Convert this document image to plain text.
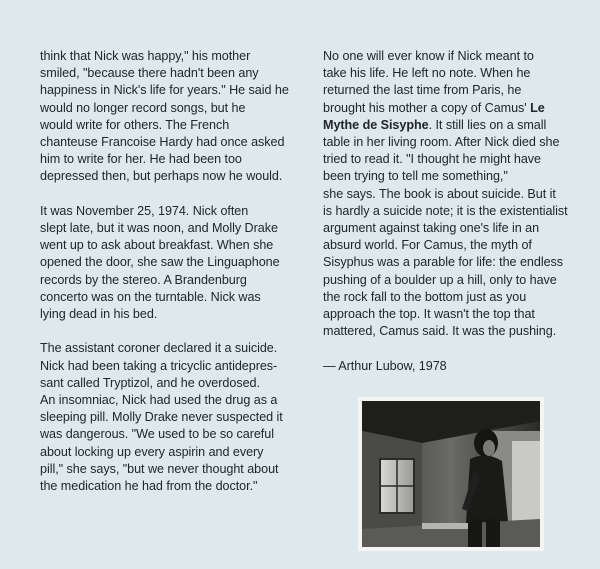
think that Nick was happy," his mother
smiled, "because there hadn't been any
happiness in Nick's life for years." He said he
would no longer record songs, but he
would write for others. The French
chanteuse Francoise Hardy had once asked
him to write for her. He had been too
depressed then, but perhaps now he would.

It was November 25, 1974. Nick often
slept late, but it was noon, and Molly Drake
went up to ask about breakfast. When she
opened the door, she saw the Linguaphone
records by the stereo. A Brandenburg
concerto was on the turntable. Nick was
lying dead in his bed.

The assistant coroner declared it a suicide.
Nick had been taking a tricyclic antidepres-
sant called Tryptizol, and he overdosed.
An insomniac, Nick had used the drug as a
sleeping pill. Molly Drake never suspected it
was dangerous. "We used to be so careful
about locking up every aspirin and every
pill," she says, "but we never thought about
the medication he had from the doctor."

No one will ever know if Nick meant to
take his life. He left no note. When he
returned the last time from Paris, he
brought his mother a copy of Camus' Le
Mythe de Sisyphe. It still lies on a small
table in her living room. After Nick died she
tried to read it. "I thought he might have
been trying to tell me something,"
she says. The book is about suicide. But it
is hardly a suicide note; it is the existentialist
argument against taking one's life in an
absurd world. For Camus, the myth of
Sisyphus was a parable for life: the endless
pushing of a boulder up a hill, only to have
the rock fall to the bottom just as you
approach the top. It wasn't the top that
mattered, Camus said. It was the pushing.

— Arthur Lubow, 1978
